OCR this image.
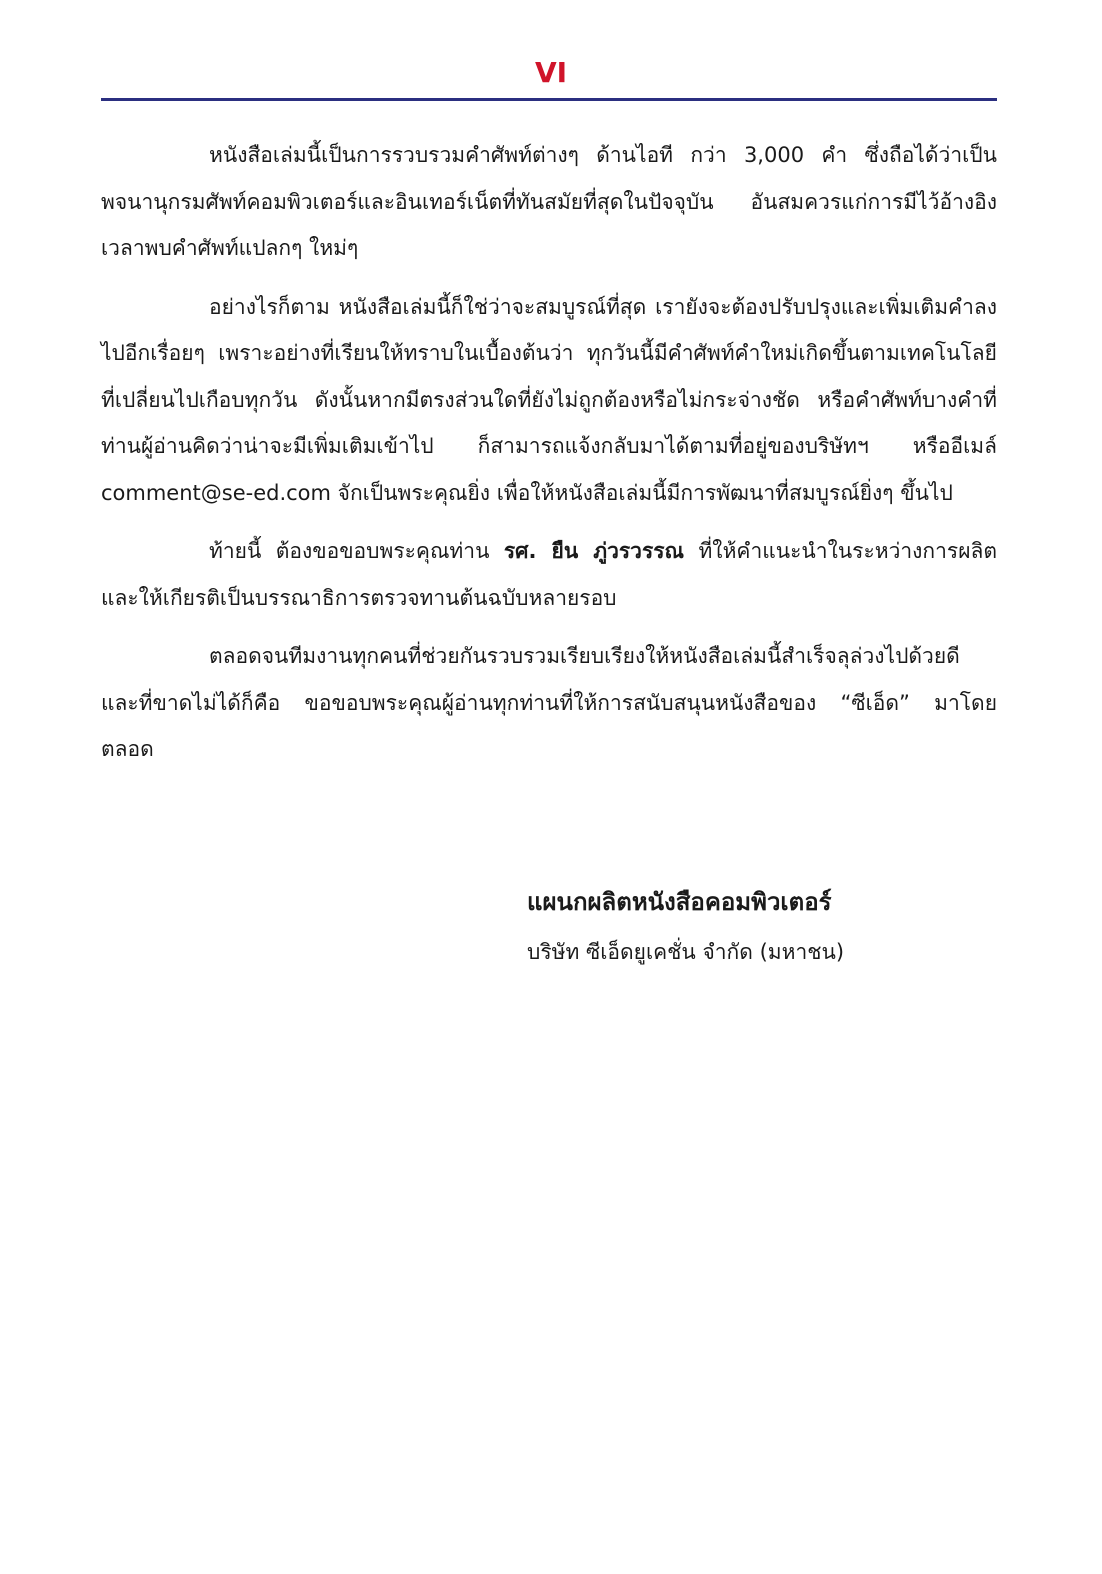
VI

หนังสือเล่มนี้เป็นการรวบรวมคำศัพท์ต่างๆ ด้านไอที กว่า 3,000 คำ ซึ่งถือได้ว่าเป็นพจนานุกรมศัพท์คอมพิวเตอร์และอินเทอร์เน็ตที่ทันสมัยที่สุดในปัจจุบัน อันสมควรแก่การมีไว้อ้างอิงเวลาพบคำศัพท์แปลกๆ ใหม่ๆ

อย่างไรก็ตาม หนังสือเล่มนี้ก็ใช่ว่าจะสมบูรณ์ที่สุด เรายังจะต้องปรับปรุงและเพิ่มเติมคำลงไปอีกเรื่อยๆ เพราะอย่างที่เรียนให้ทราบในเบื้องต้นว่า ทุกวันนี้มีคำศัพท์คำใหม่เกิดขึ้นตามเทคโนโลยีที่เปลี่ยนไปเกือบทุกวัน ดังนั้นหากมีตรงส่วนใดที่ยังไม่ถูกต้องหรือไม่กระจ่างชัด หรือคำศัพท์บางคำที่ท่านผู้อ่านคิดว่าน่าจะมีเพิ่มเติมเข้าไป ก็สามารถแจ้งกลับมาได้ตามที่อยู่ของบริษัทฯ หรืออีเมล์ comment@se-ed.com จักเป็นพระคุณยิ่ง เพื่อให้หนังสือเล่มนี้มีการพัฒนาที่สมบูรณ์ยิ่งๆ ขึ้นไป

ท้ายนี้ ต้องขอขอบพระคุณท่าน รศ. ยืน ภู่วรวรรณ ที่ให้คำแนะนำในระหว่างการผลิต และให้เกียรติเป็นบรรณาธิการตรวจทานต้นฉบับหลายรอบ

ตลอดจนทีมงานทุกคนที่ช่วยกันรวบรวมเรียบเรียงให้หนังสือเล่มนี้สำเร็จลุล่วงไปด้วยดี และที่ขาดไม่ได้ก็คือ ขอขอบพระคุณผู้อ่านทุกท่านที่ให้การสนับสนุนหนังสือของ “ซีเอ็ด” มาโดยตลอด

แผนกผลิตหนังสือคอมพิวเตอร์
บริษัท ซีเอ็ดยูเคชั่น จำกัด (มหาชน)
